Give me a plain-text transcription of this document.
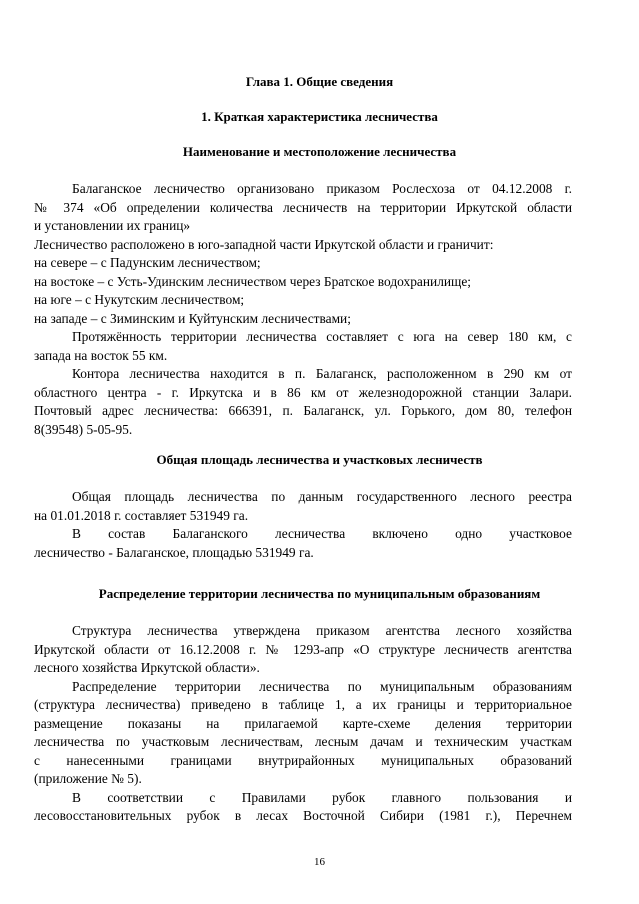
Глава 1. Общие сведения
1. Краткая характеристика лесничества
Наименование и местоположение лесничества
Балаганское лесничество организовано приказом Рослесхоза от 04.12.2008 г.
№ 374 «Об определении количества лесничеств на территории Иркутской области
и установлении их границ»
Лесничество расположено в юго-западной части Иркутской области и граничит:
на севере – с Падунским лесничеством;
на востоке – с Усть-Удинским лесничеством через Братское водохранилище;
на юге – с Нукутским лесничеством;
на западе – с Зиминским и Куйтунским лесничествами;
Протяжённость территории лесничества составляет с юга на север 180 км, с
запада на восток 55 км.
Контора лесничества находится в п. Балаганск, расположенном в 290 км от
областного центра - г. Иркутска и в 86 км от железнодорожной станции Залари.
Почтовый адрес лесничества: 666391, п. Балаганск, ул. Горького, дом 80, телефон
8(39548) 5-05-95.
Общая площадь лесничества и участковых лесничеств
Общая площадь лесничества по данным государственного лесного реестра
на 01.01.2018 г. составляет 531949 га.
В состав Балаганского лесничества включено одно участковое
лесничество - Балаганское, площадью 531949 га.
Распределение территории лесничества по муниципальным образованиям
Структура лесничества утверждена приказом агентства лесного хозяйства
Иркутской области от 16.12.2008 г. № 1293-апр «О структуре лесничеств агентства
лесного хозяйства Иркутской области».
Распределение территории лесничества по муниципальным образованиям
(структура лесничества) приведено в таблице 1, а их границы и территориальное
размещение показаны на прилагаемой карте-схеме деления территории
лесничества по участковым лесничествам, лесным дачам и техническим участкам
с нанесенными границами внутрирайонных муниципальных образований
(приложение № 5).
В соответствии с Правилами рубок главного пользования и
лесовосстановительных рубок в лесах Восточной Сибири (1981 г.), Перечнем
16
